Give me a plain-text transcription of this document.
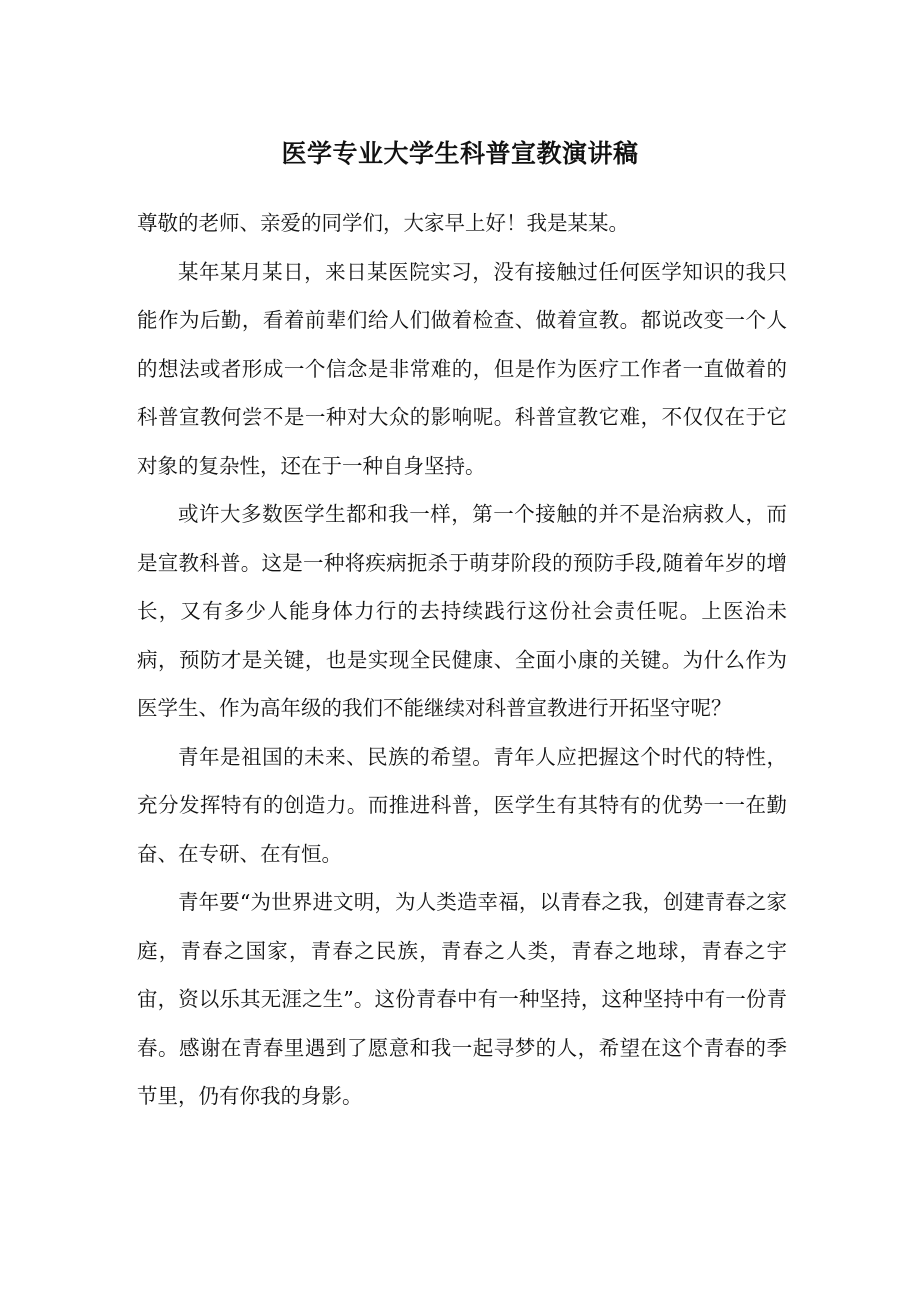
医学专业大学生科普宣教演讲稿

尊敬的老师、亲爱的同学们，大家早上好！我是某某。

某年某月某日，来日某医院实习，没有接触过任何医学知识的我只能作为后勤，看着前辈们给人们做着检查、做着宣教。都说改变一个人的想法或者形成一个信念是非常难的，但是作为医疗工作者一直做着的科普宣教何尝不是一种对大众的影响呢。科普宣教它难，不仅仅在于它对象的复杂性，还在于一种自身坚持。

或许大多数医学生都和我一样，第一个接触的并不是治病救人，而是宣教科普。这是一种将疾病扼杀于萌芽阶段的预防手段,随着年岁的增长，又有多少人能身体力行的去持续践行这份社会责任呢。上医治未病，预防才是关键，也是实现全民健康、全面小康的关键。为什么作为医学生、作为高年级的我们不能继续对科普宣教进行开拓坚守呢？

青年是祖国的未来、民族的希望。青年人应把握这个时代的特性，充分发挥特有的创造力。而推进科普，医学生有其特有的优势一一在勤奋、在专研、在有恒。

青年要“为世界进文明，为人类造幸福，以青春之我，创建青春之家庭，青春之国家，青春之民族，青春之人类，青春之地球，青春之宇宙，资以乐其无涯之生”。这份青春中有一种坚持，这种坚持中有一份青春。感谢在青春里遇到了愿意和我一起寻梦的人，希望在这个青春的季节里，仍有你我的身影。
